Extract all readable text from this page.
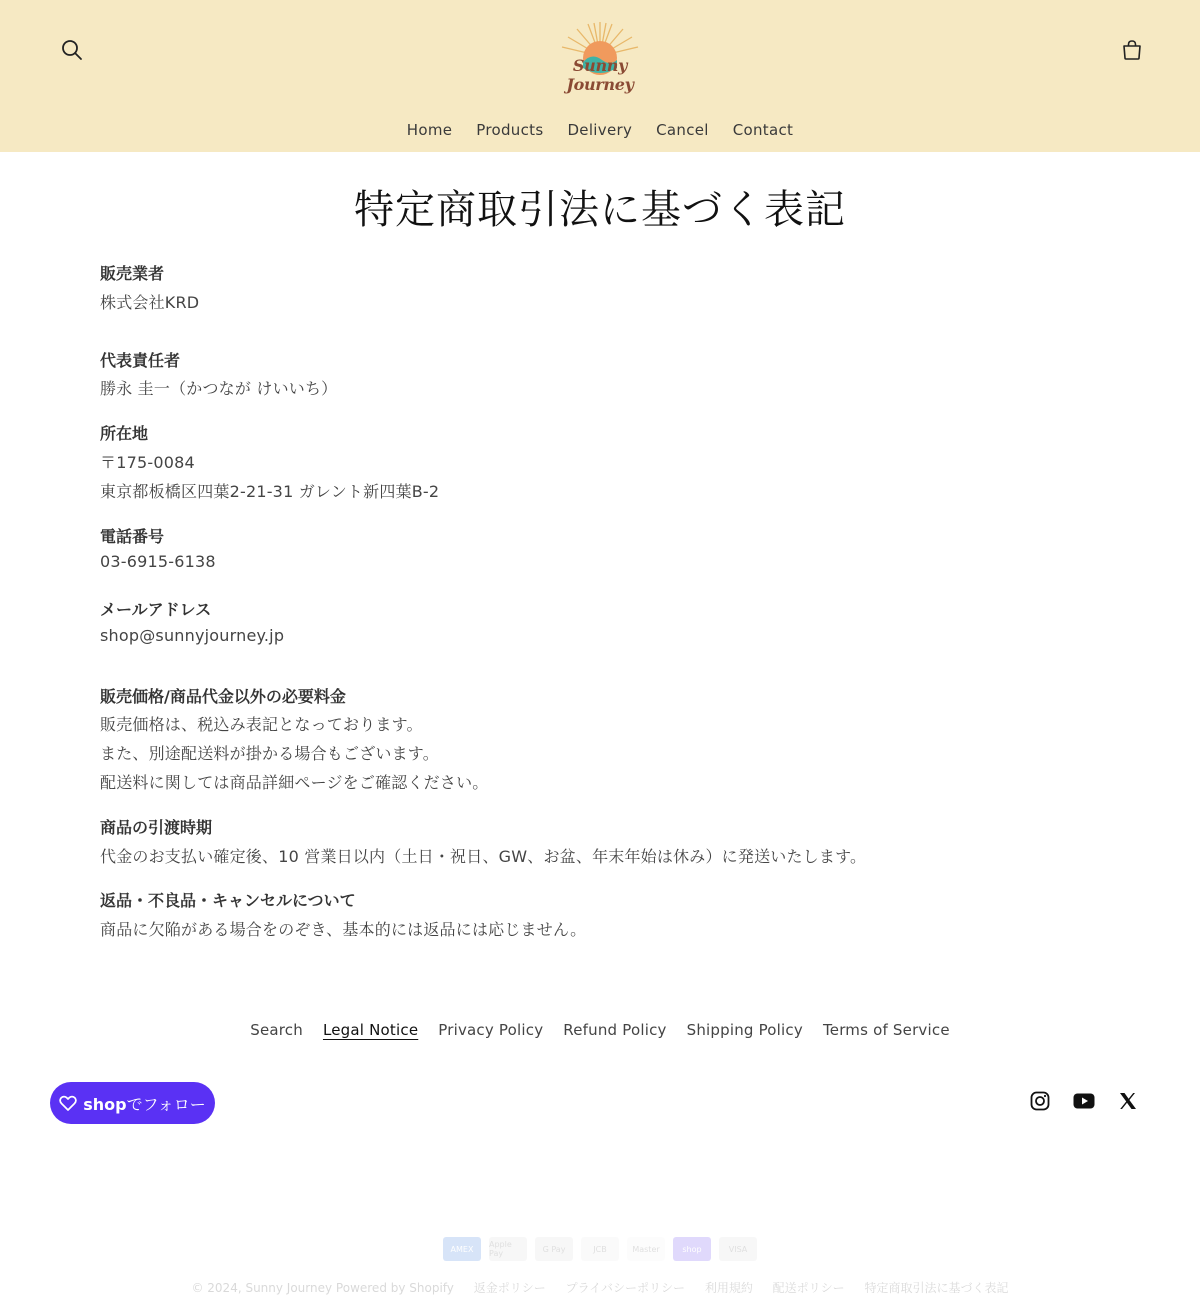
Sunny Journey
Home Products Delivery Cancel Contact
特定商取引法に基づく表記
販売業者
株式会社KRD
代表責任者
勝永 圭一（かつなが けいいち）
所在地
〒175-0084
東京都板橋区四葉2-21-31 ガレント新四葉B-2
電話番号
03-6915-6138
メールアドレス
shop@sunnyjourney.jp
販売価格/商品代金以外の必要料金
販売価格は、税込み表記となっております。
また、別途配送料が掛かる場合もございます。
配送料に関しては商品詳細ページをご確認ください。
商品の引渡時期
代金のお支払い確定後、10 営業日以内（土日・祝日、GW、お盆、年末年始は休み）に発送いたします。
返品・不良品・キャンセルについて
商品に欠陥がある場合をのぞき、基本的には返品には応じません。
Search Legal Notice Privacy Policy Refund Policy Shipping Policy Terms of Service
shopでフォロー
AMEX	Apple Pay	G Pay	JCB	Master	shop	VISA
© 2024, Sunny Journey Powered by Shopify 返金ポリシー プライバシーポリシー 利用規約 配送ポリシー 特定商取引法に基づく表記
